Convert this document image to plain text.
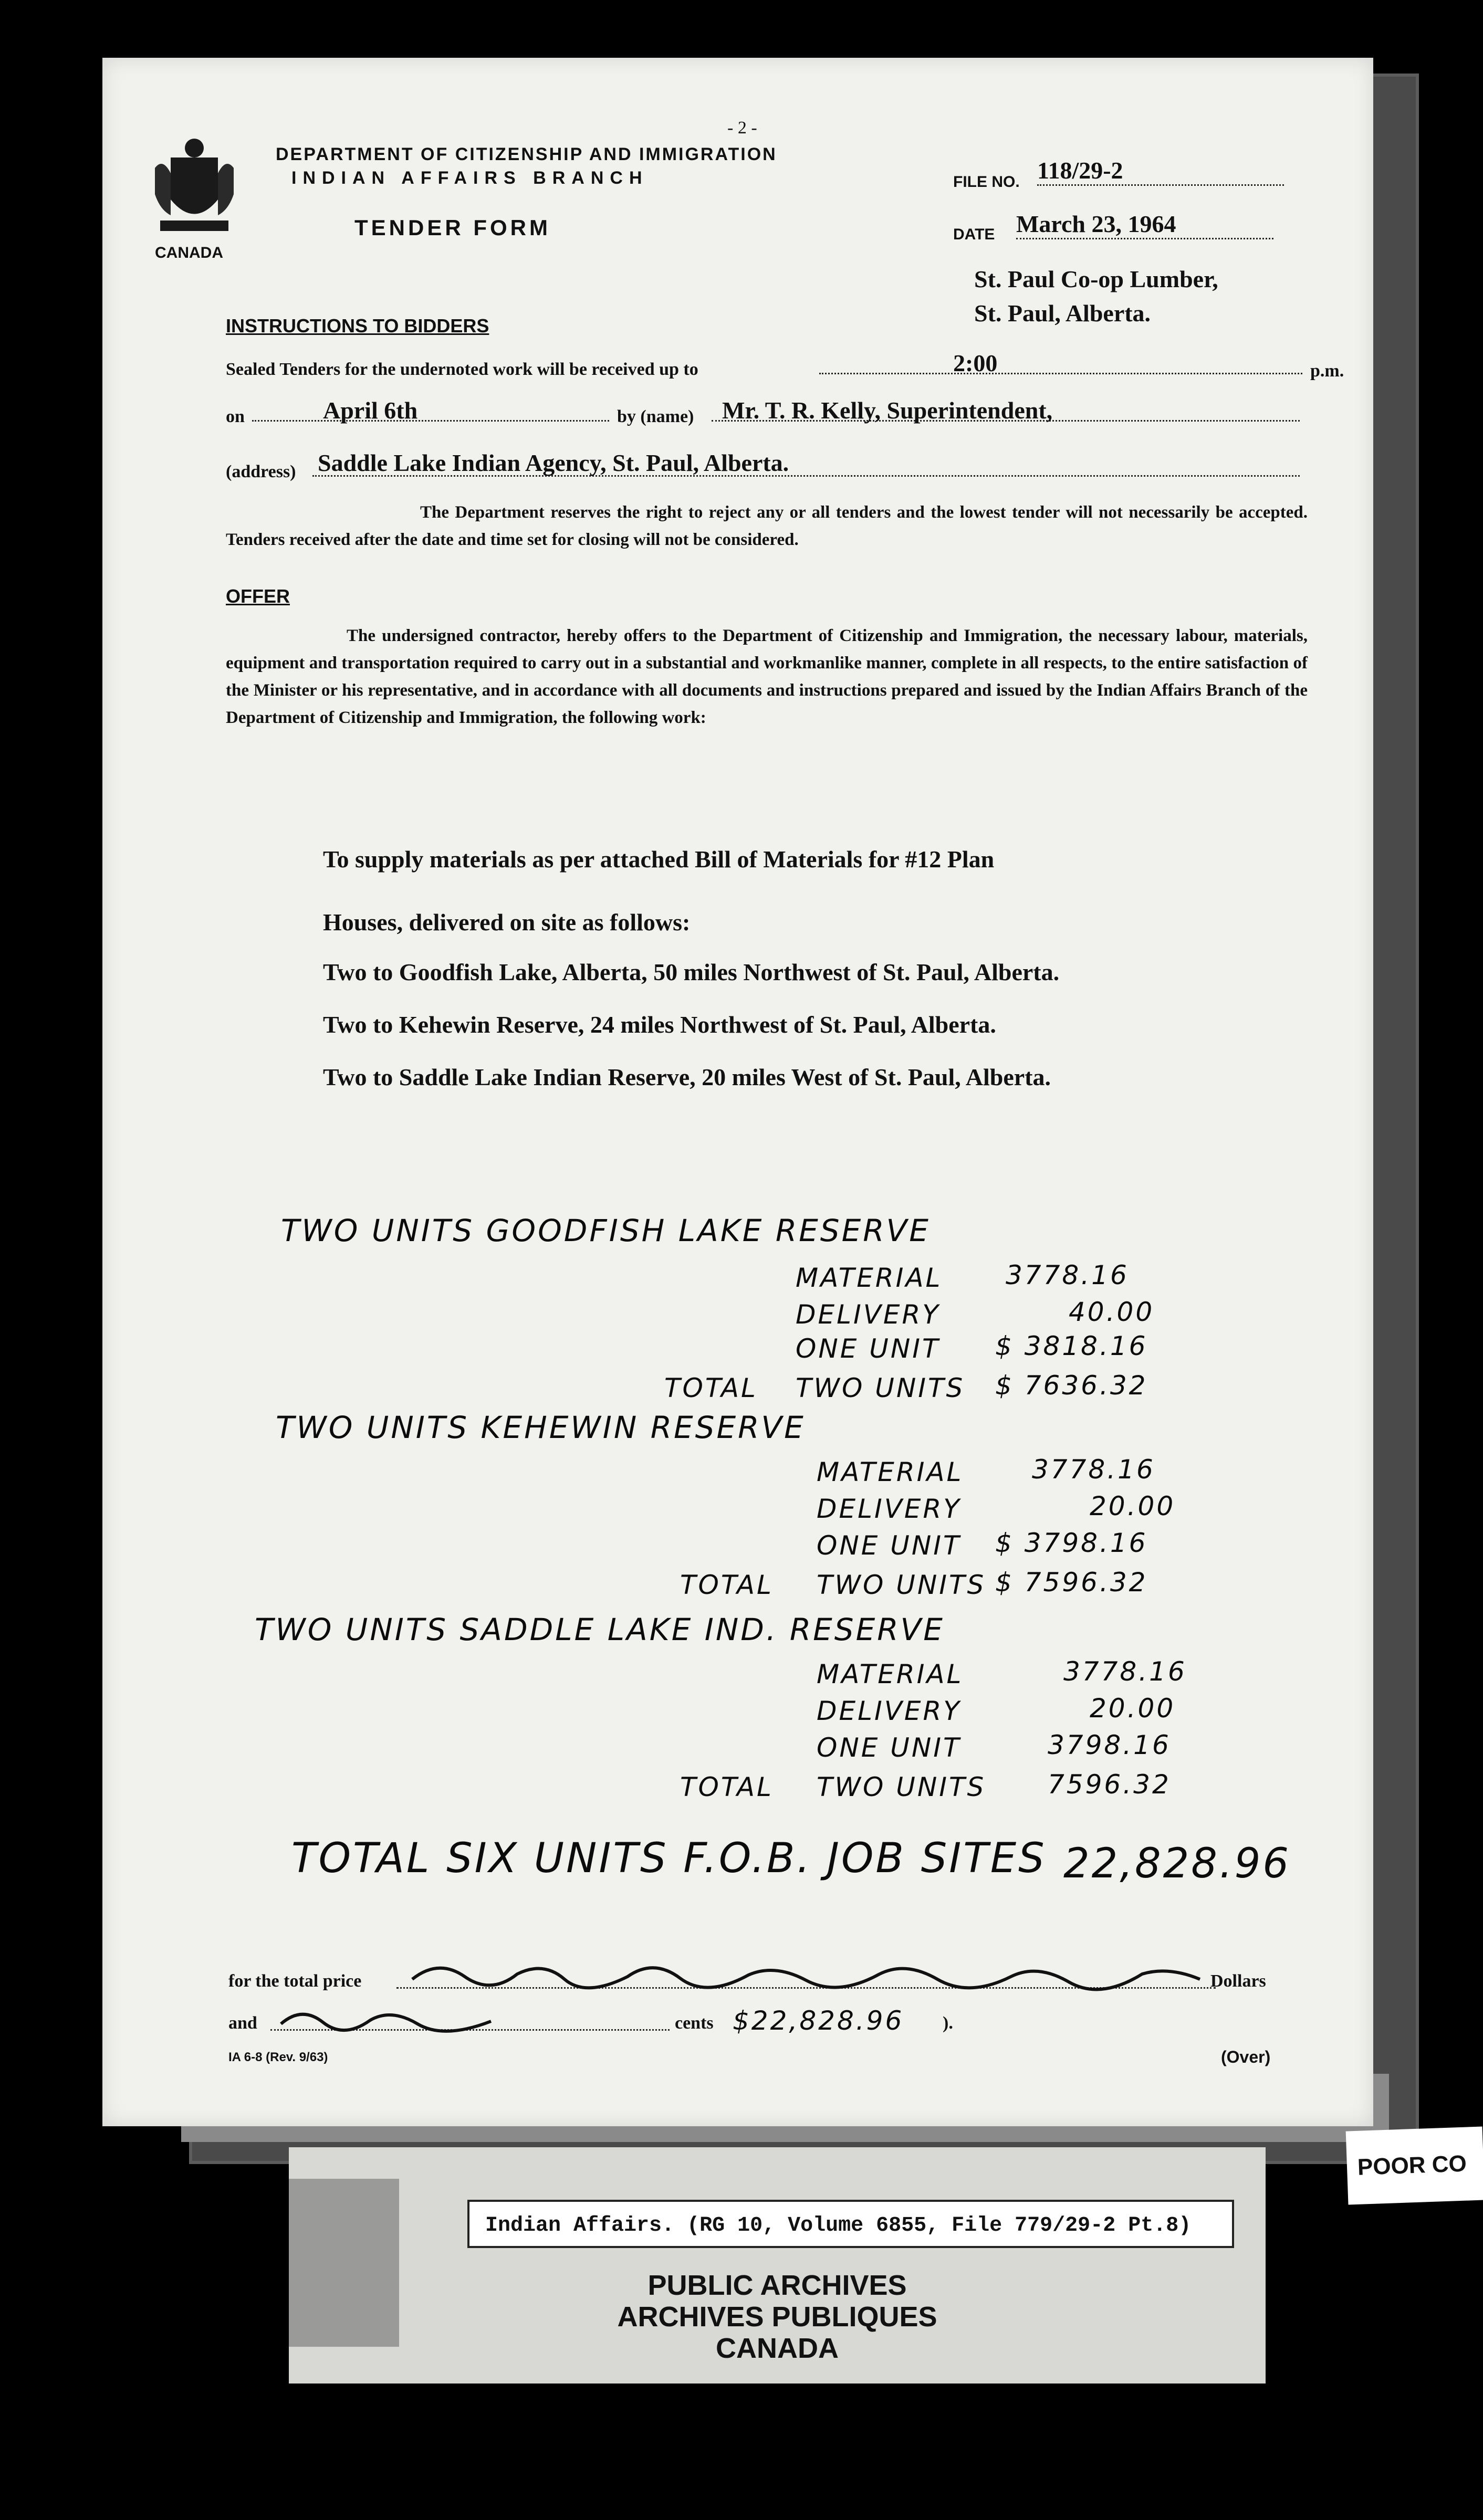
CANADA
- 2 -
DEPARTMENT OF CITIZENSHIP AND IMMIGRATION
INDIAN AFFAIRS BRANCH	FILE NO. 118/29-2
TENDER FORM	DATE March 23, 1964
St. Paul Co-op Lumber,
St. Paul, Alberta.
INSTRUCTIONS TO BIDDERS
Sealed Tenders for the undernoted work will be received up to	2:00	p.m.
on	April 6th	by (name) Mr. T. R. Kelly, Superintendent,
(address) Saddle Lake Indian Agency, St. Paul, Alberta.
The Department reserves the right to reject any or all tenders and the lowest tender will not necessarily be accepted. Tenders received after the date and time set for closing will not be considered.
OFFER
The undersigned contractor, hereby offers to the Department of Citizenship and Immigration, the necessary labour, materials, equipment and transportation required to carry out in a substantial and workmanlike manner, complete in all respects, to the entire satisfaction of the Minister or his representative, and in accordance with all documents and instructions prepared and issued by the Indian Affairs Branch of the Department of Citizenship and Immigration, the following work:
To supply materials as per attached Bill of Materials for #12 Plan
Houses, delivered on site as follows:
Two to Goodfish Lake, Alberta, 50 miles Northwest of St. Paul, Alberta.
Two to Kehewin Reserve, 24 miles Northwest of St. Paul, Alberta.
Two to Saddle Lake Indian Reserve, 20 miles West of St. Paul, Alberta.
TWO UNITS GOODFISH LAKE RESERVE
MATERIAL 3778.16
DELIVERY	40.00
ONE UNIT $ 3818.16
TOTAL TWO UNITS $ 7636.32
TWO UNITS KEHEWIN RESERVE
MATERIAL	3778.16
DELIVERY	20.00
ONE UNIT $ 3798.16
TOTAL TWO UNITS $ 7596.32
TWO UNITS SADDLE LAKE IND. RESERVE
MATERIAL	3778.16
DELIVERY	20.00
ONE UNIT	3798.16
TOTAL TWO UNITS 7596.32
TOTAL SIX UNITS F.O.B. JOB SITES 22,828.96
for the total price	Dollars
and	cents $22,828.96 ).
IA 6-8 (Rev. 9/63)	(Over)
Indian Affairs. (RG 10, Volume 6855, File 779/29-2 Pt.8)
PUBLIC ARCHIVES
ARCHIVES PUBLIQUES
CANADA
POOR CO
